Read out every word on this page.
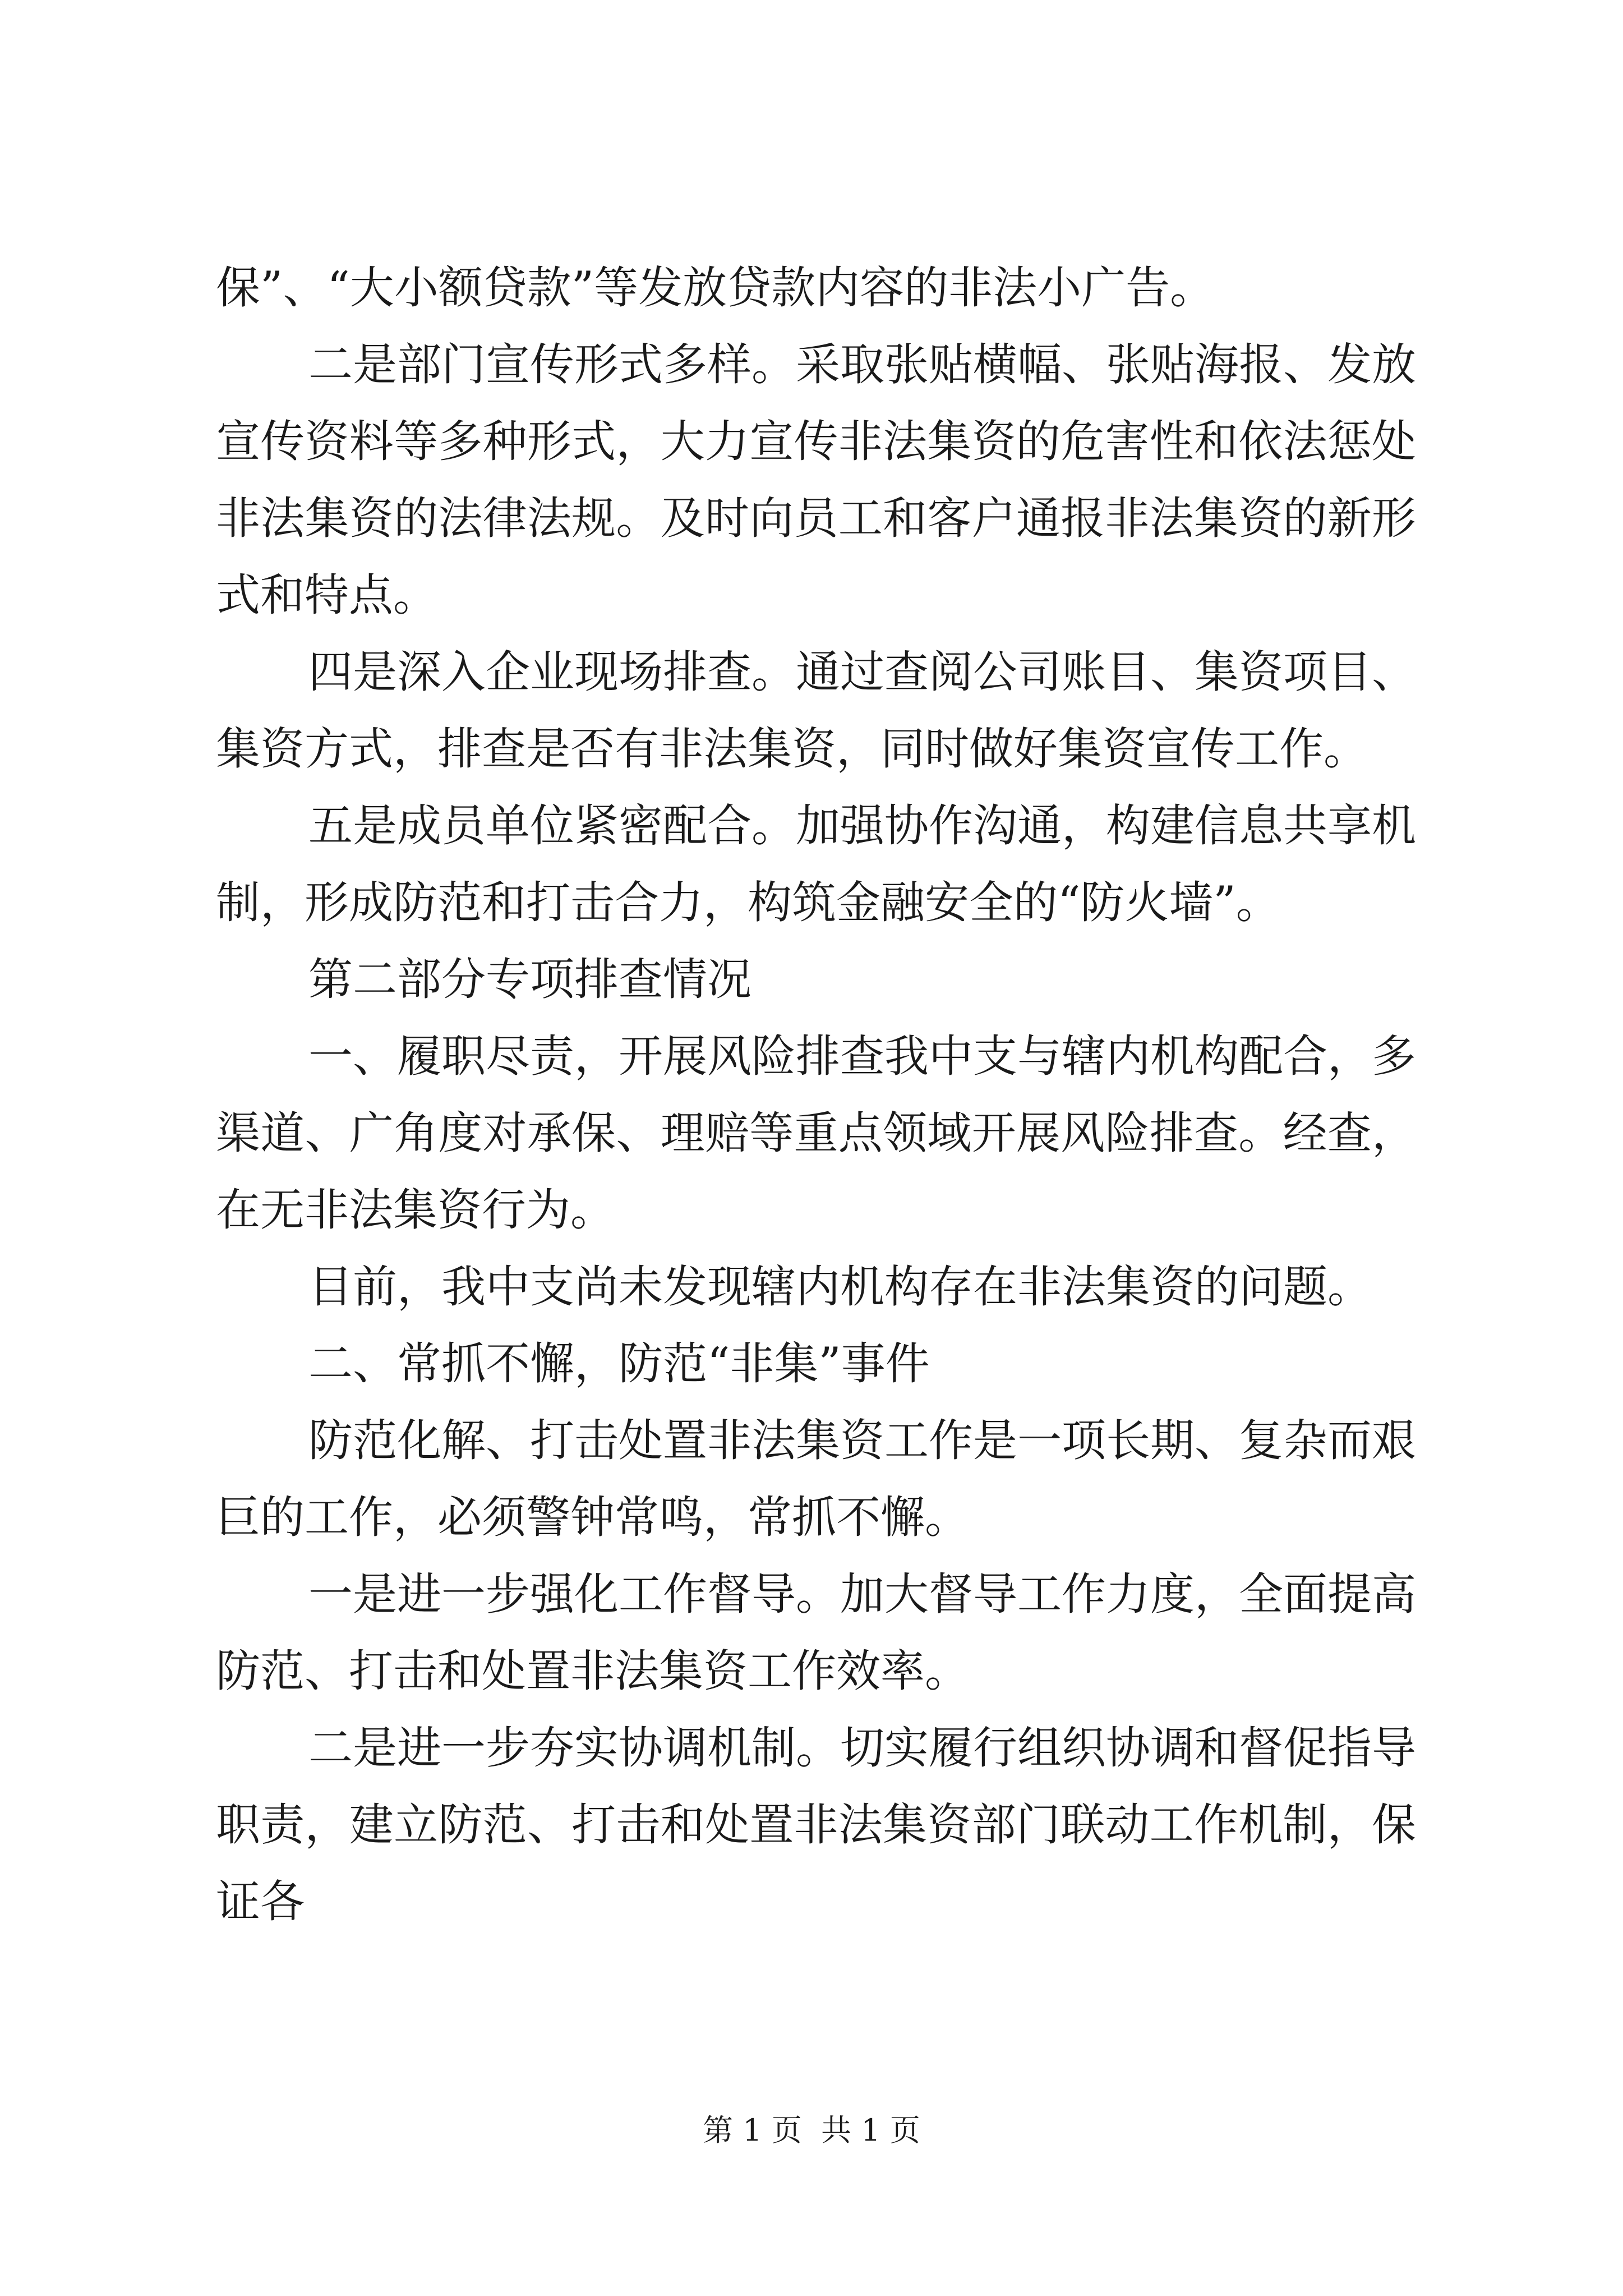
保”、“大小额贷款”等发放贷款内容的非法小广告。

二是部门宣传形式多样。采取张贴横幅、张贴海报、发放宣传资料等多种形式，大力宣传非法集资的危害性和依法惩处非法集资的法律法规。及时向员工和客户通报非法集资的新形式和特点。

四是深入企业现场排查。通过查阅公司账目、集资项目、集资方式，排查是否有非法集资，同时做好集资宣传工作。

五是成员单位紧密配合。加强协作沟通，构建信息共享机制，形成防范和打击合力，构筑金融安全的“防火墙”。

第二部分专项排查情况

一、履职尽责，开展风险排查我中支与辖内机构配合，多渠道、广角度对承保、理赔等重点领域开展风险排查。经查，在无非法集资行为。

目前，我中支尚未发现辖内机构存在非法集资的问题。

二、常抓不懈，防范“非集”事件

防范化解、打击处置非法集资工作是一项长期、复杂而艰巨的工作，必须警钟常鸣，常抓不懈。

一是进一步强化工作督导。加大督导工作力度，全面提高防范、打击和处置非法集资工作效率。

二是进一步夯实协调机制。切实履行组织协调和督促指导职责，建立防范、打击和处置非法集资部门联动工作机制，保证各

第 1 页  共 1 页
